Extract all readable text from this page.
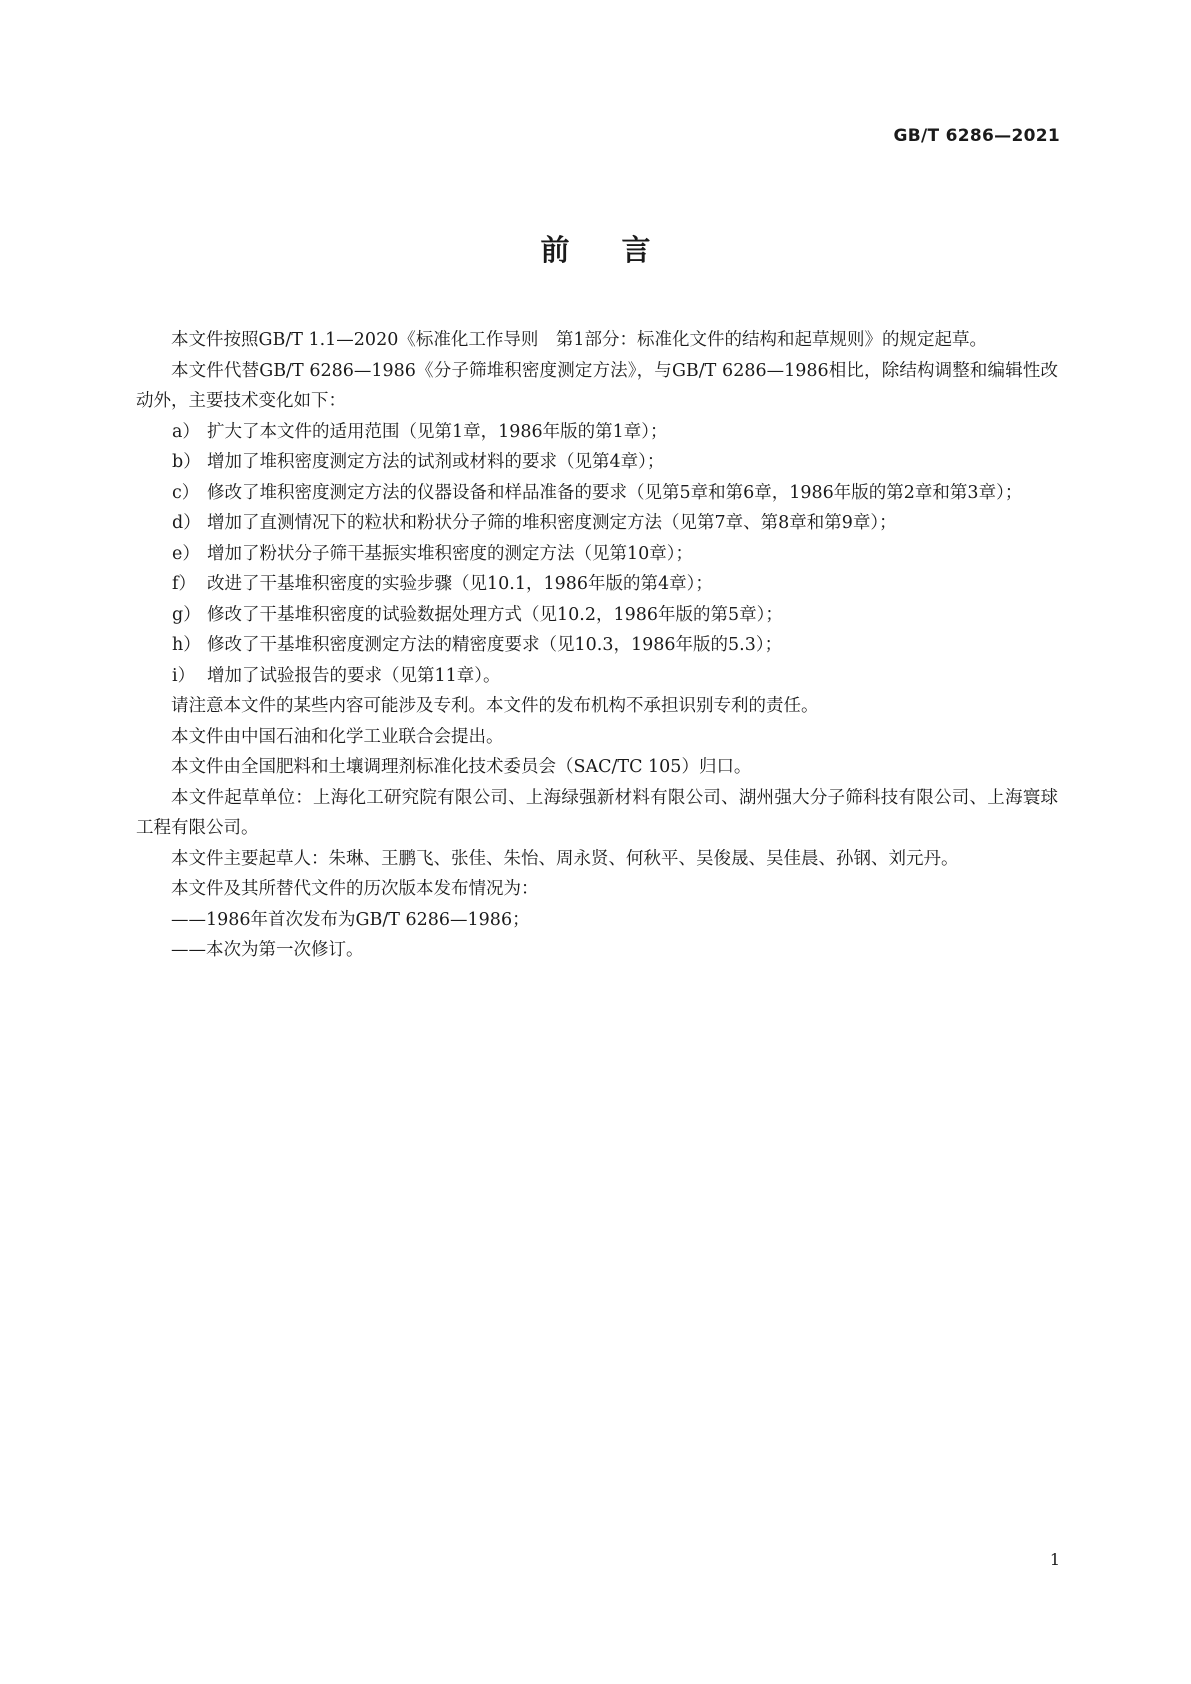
GB/T 6286—2021
前言

本文件按照GB/T 1.1—2020《标准化工作导则　第1部分：标准化文件的结构和起草规则》的规定起草。

本文件代替GB/T 6286—1986《分子筛堆积密度测定方法》，与GB/T 6286—1986相比，除结构调整和编辑性改动外，主要技术变化如下：

a） 扩大了本文件的适用范围（见第1章，1986年版的第1章）；

b） 增加了堆积密度测定方法的试剂或材料的要求（见第4章）；

c） 修改了堆积密度测定方法的仪器设备和样品准备的要求（见第5章和第6章，1986年版的第2章和第3章）；

d） 增加了直测情况下的粒状和粉状分子筛的堆积密度测定方法（见第7章、第8章和第9章）；

e） 增加了粉状分子筛干基振实堆积密度的测定方法（见第10章）；

f） 改进了干基堆积密度的实验步骤（见10.1，1986年版的第4章）；

g） 修改了干基堆积密度的试验数据处理方式（见10.2，1986年版的第5章）；

h） 修改了干基堆积密度测定方法的精密度要求（见10.3，1986年版的5.3）；

i） 增加了试验报告的要求（见第11章）。

请注意本文件的某些内容可能涉及专利。本文件的发布机构不承担识别专利的责任。

本文件由中国石油和化学工业联合会提出。

本文件由全国肥料和土壤调理剂标准化技术委员会（SAC/TC 105）归口。

本文件起草单位：上海化工研究院有限公司、上海绿强新材料有限公司、湖州强大分子筛科技有限公司、上海寰球工程有限公司。

本文件主要起草人：朱琳、王鹏飞、张佳、朱怡、周永贤、何秋平、吴俊晟、吴佳晨、孙钢、刘元丹。

本文件及其所替代文件的历次版本发布情况为：

——1986年首次发布为GB/T 6286—1986；

——本次为第一次修订。

1
